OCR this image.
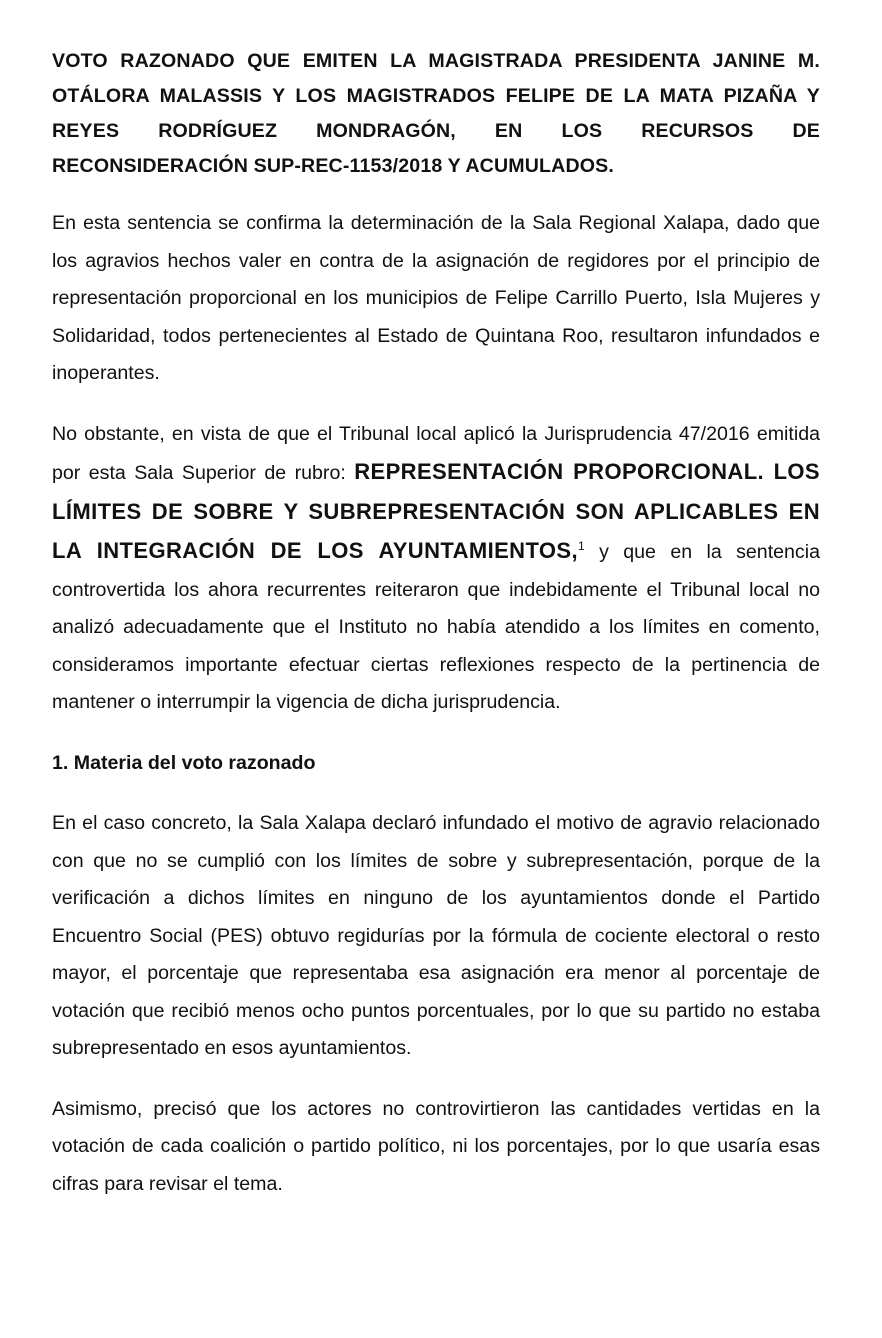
VOTO RAZONADO QUE EMITEN LA MAGISTRADA PRESIDENTA JANINE M. OTÁLORA MALASSIS Y LOS MAGISTRADOS FELIPE DE LA MATA PIZAÑA Y REYES RODRÍGUEZ MONDRAGÓN, EN LOS RECURSOS DE RECONSIDERACIÓN SUP-REC-1153/2018 Y ACUMULADOS.

En esta sentencia se confirma la determinación de la Sala Regional Xalapa, dado que los agravios hechos valer en contra de la asignación de regidores por el principio de representación proporcional en los municipios de Felipe Carrillo Puerto, Isla Mujeres y Solidaridad, todos pertenecientes al Estado de Quintana Roo, resultaron infundados e inoperantes.

No obstante, en vista de que el Tribunal local aplicó la Jurisprudencia 47/2016 emitida por esta Sala Superior de rubro: REPRESENTACIÓN PROPORCIONAL. LOS LÍMITES DE SOBRE Y SUBREPRESENTACIÓN SON APLICABLES EN LA INTEGRACIÓN DE LOS AYUNTAMIENTOS,$^1$ y que en la sentencia controvertida los ahora recurrentes reiteraron que indebidamente el Tribunal local no analizó adecuadamente que el Instituto no había atendido a los límites en comento, consideramos importante efectuar ciertas reflexiones respecto de la pertinencia de mantener o interrumpir la vigencia de dicha jurisprudencia.

1. Materia del voto razonado

En el caso concreto, la Sala Xalapa declaró infundado el motivo de agravio relacionado con que no se cumplió con los límites de sobre y subrepresentación, porque de la verificación a dichos límites en ninguno de los ayuntamientos donde el Partido Encuentro Social (PES) obtuvo regidurías por la fórmula de cociente electoral o resto mayor, el porcentaje que representaba esa asignación era menor al porcentaje de votación que recibió menos ocho puntos porcentuales, por lo que su partido no estaba subrepresentado en esos ayuntamientos.

Asimismo, precisó que los actores no controvirtieron las cantidades vertidas en la votación de cada coalición o partido político, ni los porcentajes, por lo que usaría esas cifras para revisar el tema.
